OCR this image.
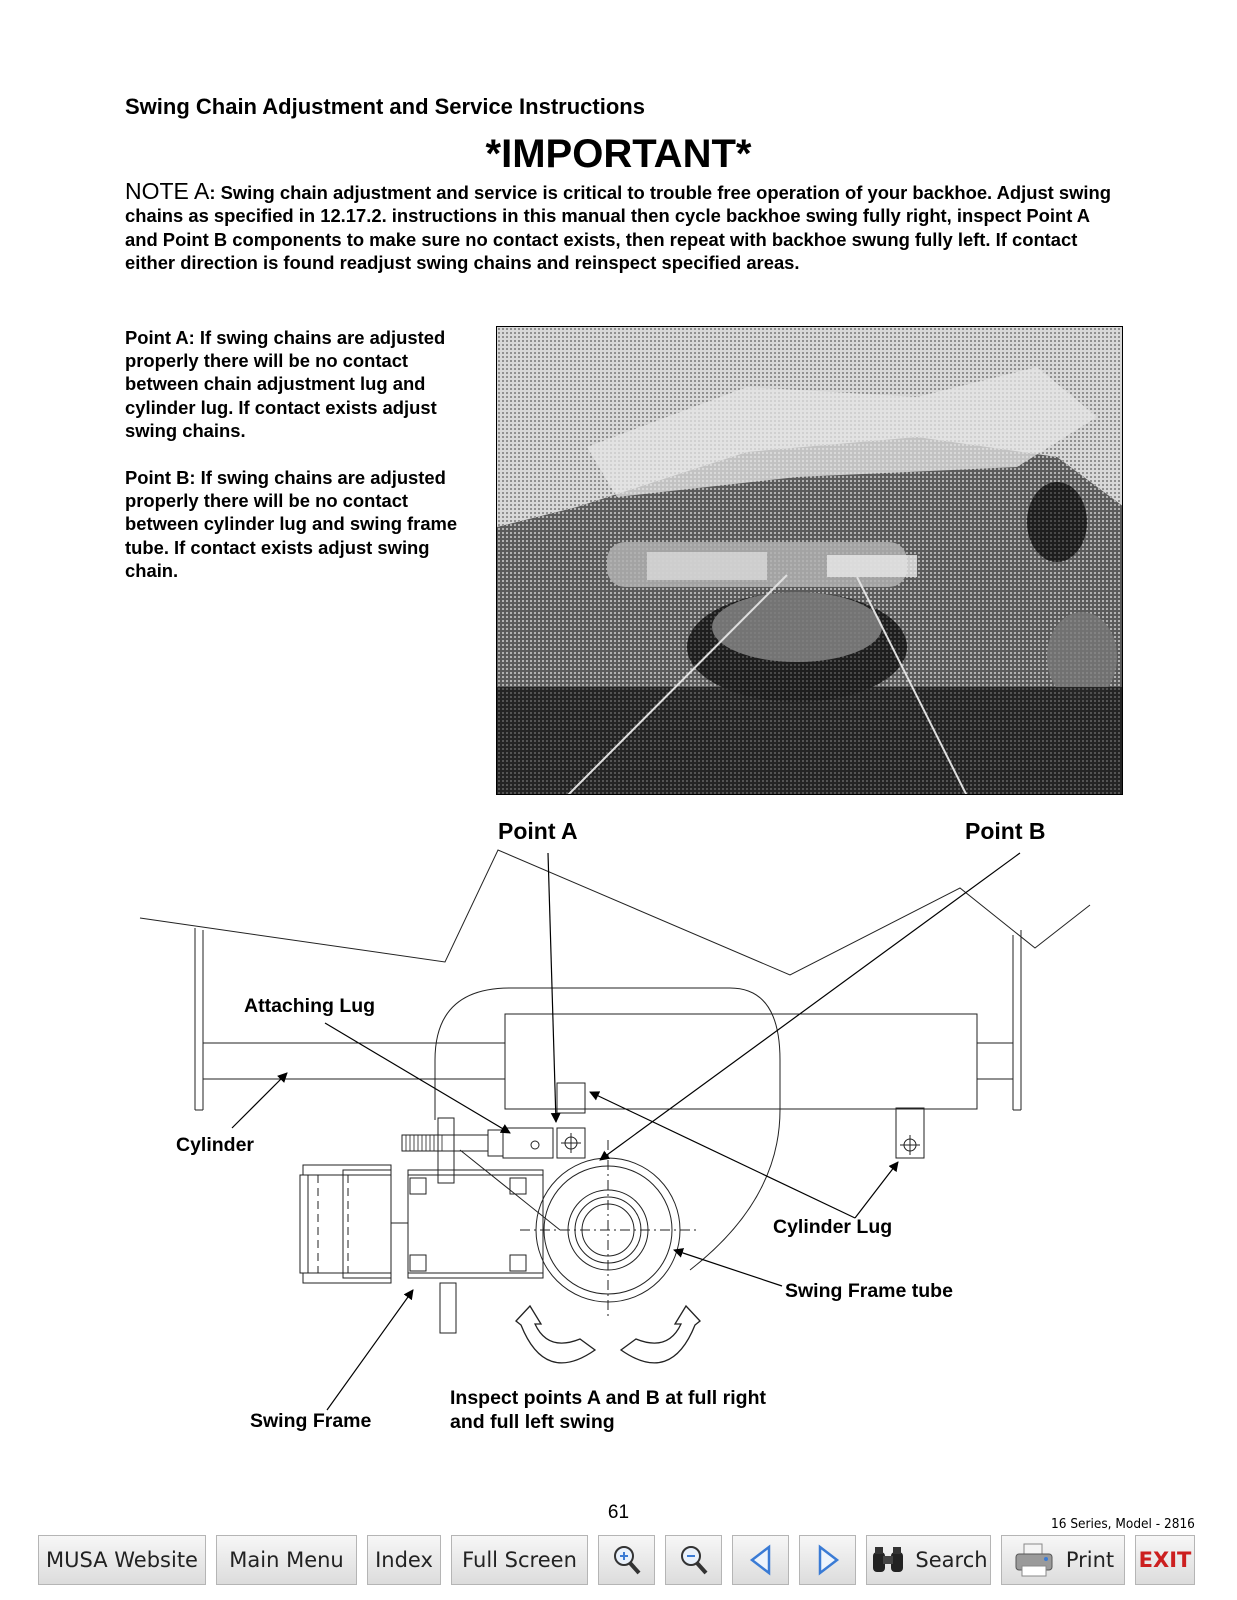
Swing Chain Adjustment and Service Instructions
*IMPORTANT*
NOTE A: Swing chain adjustment and service is critical to trouble free operation of your backhoe. Adjust swing chains as specified in 12.17.2. instructions in this manual then cycle backhoe swing fully right, inspect Point A and Point B components to make sure no contact exists, then repeat with backhoe swung fully left. If contact either direction is found readjust swing chains and reinspect specified areas.
Point A: If swing chains are adjusted properly there will be no contact between chain adjustment lug and cylinder lug. If contact exists adjust swing chains.
Point B: If swing chains are adjusted properly there will be no contact between cylinder lug and swing frame tube. If contact exists adjust swing chain.
Point A	Point B
Attaching Lug
Cylinder
Cylinder Lug
Swing Frame tube
Swing Frame
Inspect points A and B at full right
and full left swing
61
16 Series, Model - 2816
MUSA Website Main Menu Index Full Screen	Search	Print EXIT
